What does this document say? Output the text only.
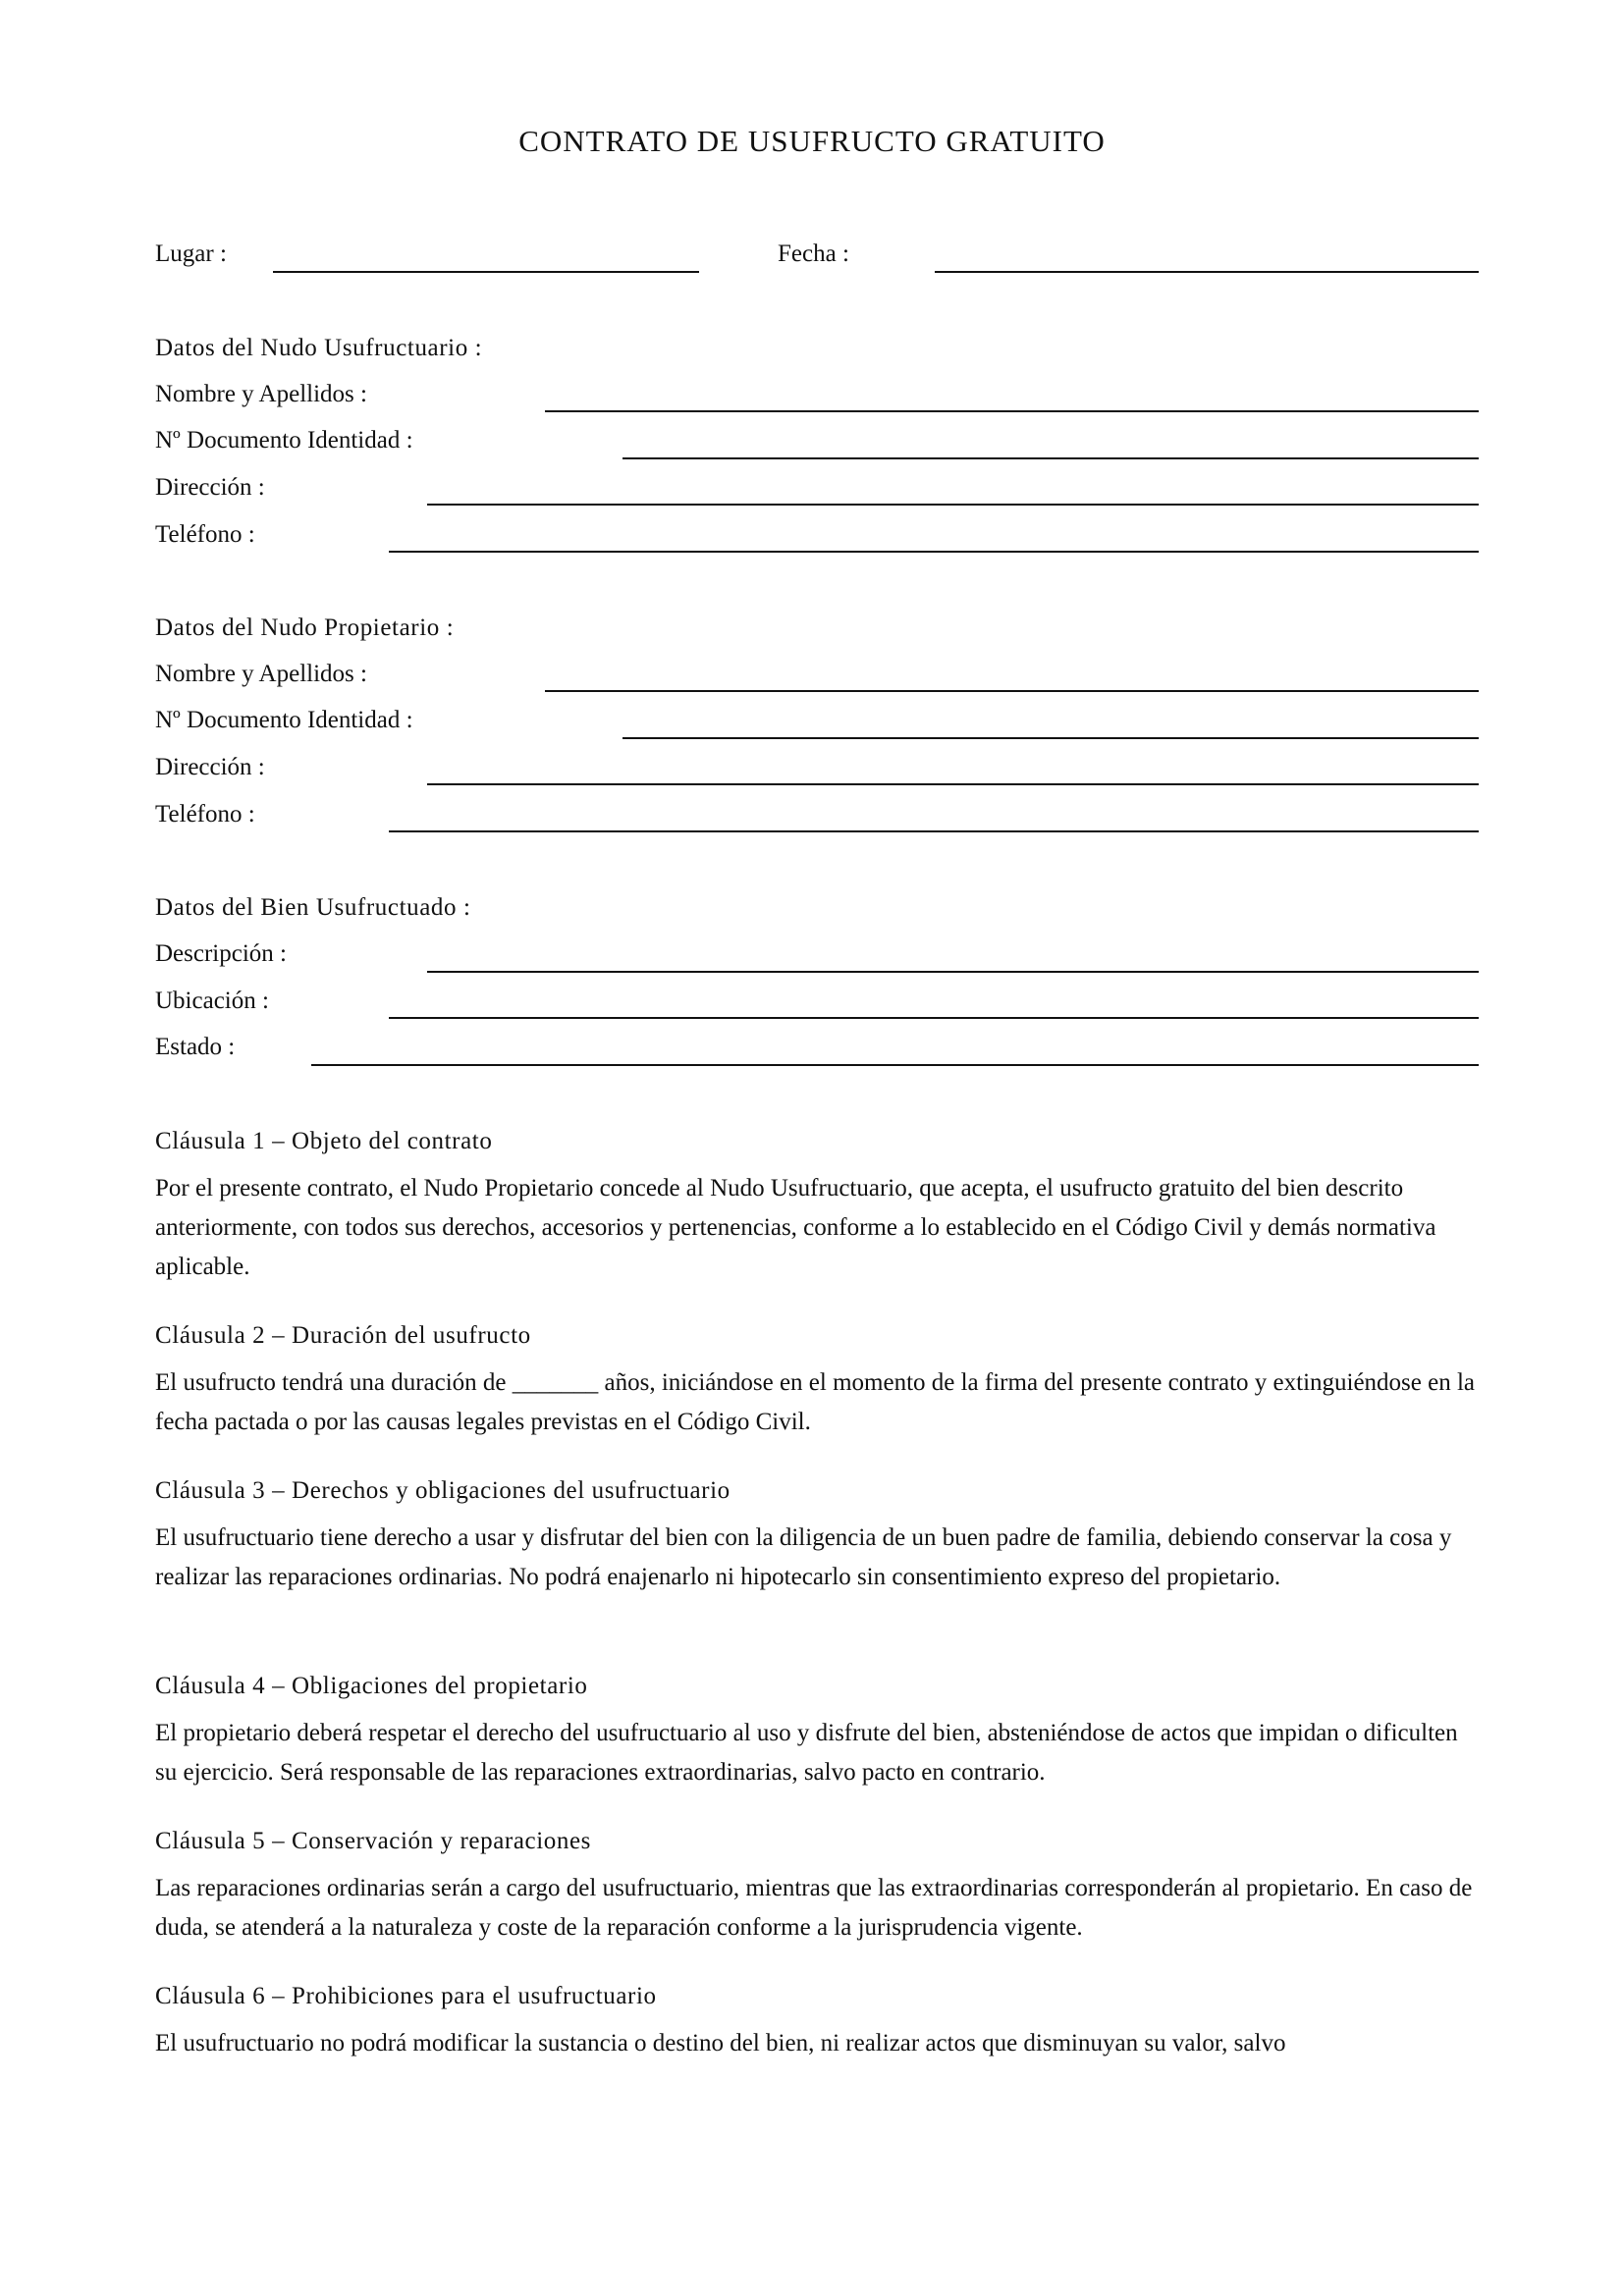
CONTRATO DE USUFRUCTO GRATUITO
Lugar :	Fecha :
Datos del Nudo Usufructuario :
Nombre y Apellidos :
Nº Documento Identidad :
Dirección :
Teléfono :
Datos del Nudo Propietario :
Nombre y Apellidos :
Nº Documento Identidad :
Dirección :
Teléfono :
Datos del Bien Usufructuado :
Descripción :
Ubicación :
Estado :
Cláusula 1 – Objeto del contrato
Por el presente contrato, el Nudo Propietario concede al Nudo Usufructuario, que acepta, el usufructo gratuito del bien descrito anteriormente, con todos sus derechos, accesorios y pertenencias, conforme a lo establecido en el Código Civil y demás normativa aplicable.
Cláusula 2 – Duración del usufructo
El usufructo tendrá una duración de _______ años, iniciándose en el momento de la firma del presente contrato y extinguiéndose en la fecha pactada o por las causas legales previstas en el Código Civil.
Cláusula 3 – Derechos y obligaciones del usufructuario
El usufructuario tiene derecho a usar y disfrutar del bien con la diligencia de un buen padre de familia, debiendo conservar la cosa y realizar las reparaciones ordinarias. No podrá enajenarlo ni hipotecarlo sin consentimiento expreso del propietario.
Cláusula 4 – Obligaciones del propietario
El propietario deberá respetar el derecho del usufructuario al uso y disfrute del bien, absteniéndose de actos que impidan o dificulten su ejercicio. Será responsable de las reparaciones extraordinarias, salvo pacto en contrario.
Cláusula 5 – Conservación y reparaciones
Las reparaciones ordinarias serán a cargo del usufructuario, mientras que las extraordinarias corresponderán al propietario. En caso de duda, se atenderá a la naturaleza y coste de la reparación conforme a la jurisprudencia vigente.
Cláusula 6 – Prohibiciones para el usufructuario
El usufructuario no podrá modificar la sustancia o destino del bien, ni realizar actos que disminuyan su valor, salvo
